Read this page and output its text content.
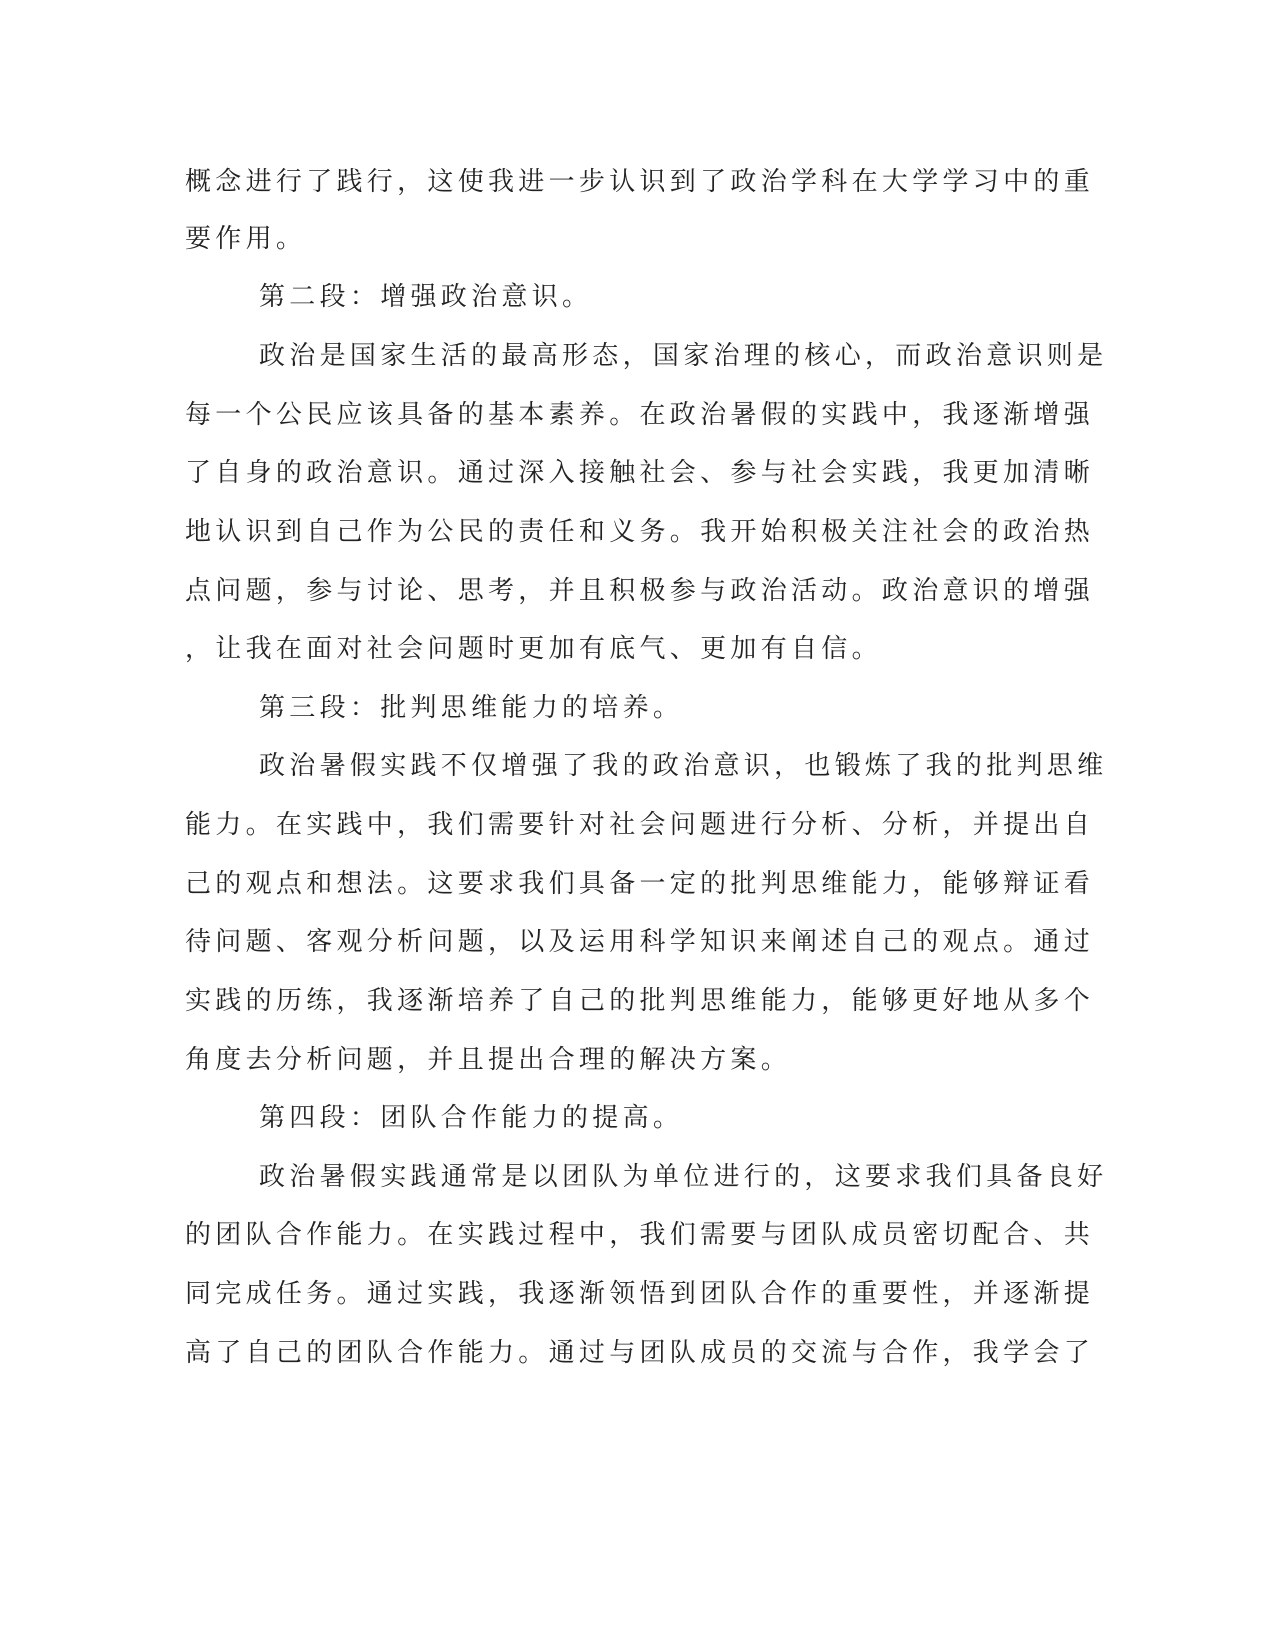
概念进行了践行，这使我进一步认识到了政治学科在大学学习中的重
要作用。
第二段：增强政治意识。
政治是国家生活的最高形态，国家治理的核心，而政治意识则是
每一个公民应该具备的基本素养。在政治暑假的实践中，我逐渐增强
了自身的政治意识。通过深入接触社会、参与社会实践，我更加清晰
地认识到自己作为公民的责任和义务。我开始积极关注社会的政治热
点问题，参与讨论、思考，并且积极参与政治活动。政治意识的增强
，让我在面对社会问题时更加有底气、更加有自信。
第三段：批判思维能力的培养。
政治暑假实践不仅增强了我的政治意识，也锻炼了我的批判思维
能力。在实践中，我们需要针对社会问题进行分析、分析，并提出自
己的观点和想法。这要求我们具备一定的批判思维能力，能够辩证看
待问题、客观分析问题，以及运用科学知识来阐述自己的观点。通过
实践的历练，我逐渐培养了自己的批判思维能力，能够更好地从多个
角度去分析问题，并且提出合理的解决方案。
第四段：团队合作能力的提高。
政治暑假实践通常是以团队为单位进行的，这要求我们具备良好
的团队合作能力。在实践过程中，我们需要与团队成员密切配合、共
同完成任务。通过实践，我逐渐领悟到团队合作的重要性，并逐渐提
高了自己的团队合作能力。通过与团队成员的交流与合作，我学会了
